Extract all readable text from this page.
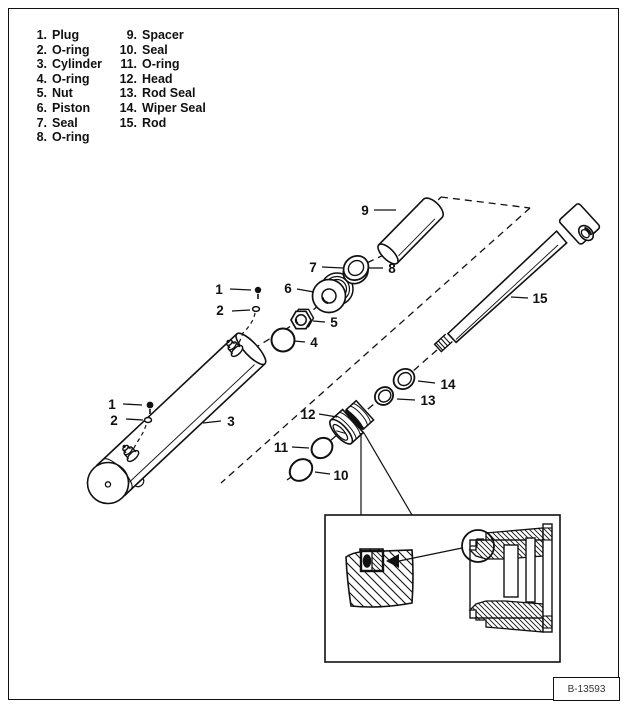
1. Plug
2. O-ring
3. Cylinder
4. O-ring
5. Nut
6. Piston
7. Seal
8. O-ring
9. Spacer
10. Seal
11. O-ring
12. Head
13. Rod Seal
14. Wiper Seal
15. Rod
1
2
1
2	3
4
5
6
7	8
9
10
11
12
13
14
15
B-13593
